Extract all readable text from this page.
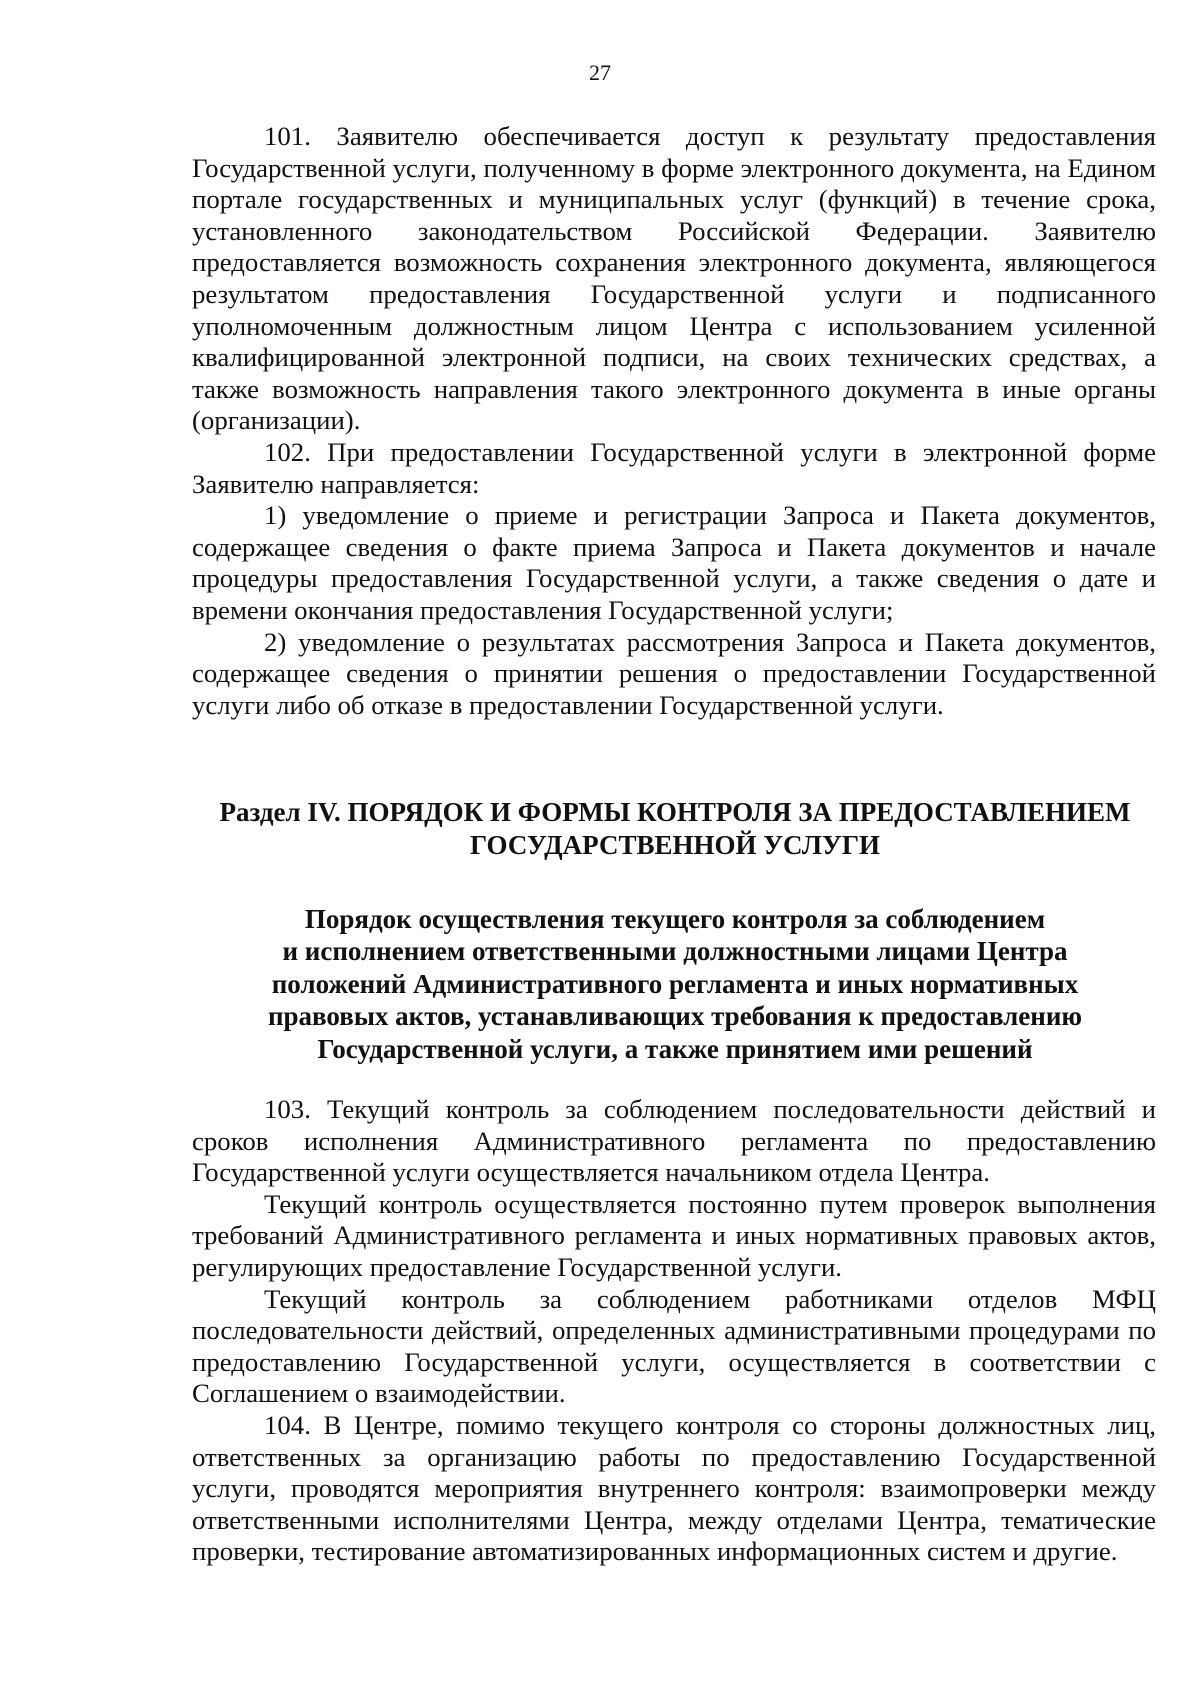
27

101. Заявителю обеспечивается доступ к результату предоставления Государственной услуги, полученному в форме электронного документа, на Едином портале государственных и муниципальных услуг (функций) в течение срока, установленного законодательством Российской Федерации. Заявителю предоставляется возможность сохранения электронного документа, являющегося результатом предоставления Государственной услуги и подписанного уполномоченным должностным лицом Центра с использованием усиленной квалифицированной электронной подписи, на своих технических средствах, а также возможность направления такого электронного документа в иные органы (организации).

102. При предоставлении Государственной услуги в электронной форме Заявителю направляется:

1) уведомление о приеме и регистрации Запроса и Пакета документов, содержащее сведения о факте приема Запроса и Пакета документов и начале процедуры предоставления Государственной услуги, а также сведения о дате и времени окончания предоставления Государственной услуги;

2) уведомление о результатах рассмотрения Запроса и Пакета документов, содержащее сведения о принятии решения о предоставлении Государственной услуги либо об отказе в предоставлении Государственной услуги.

Раздел IV. ПОРЯДОК И ФОРМЫ КОНТРОЛЯ ЗА ПРЕДОСТАВЛЕНИЕМ
ГОСУДАРСТВЕННОЙ УСЛУГИ
Порядок осуществления текущего контроля за соблюдением
и исполнением ответственными должностными лицами Центра
положений Административного регламента и иных нормативных
правовых актов, устанавливающих требования к предоставлению
Государственной услуги, а также принятием ими решений

103. Текущий контроль за соблюдением последовательности действий и сроков исполнения Административного регламента по предоставлению Государственной услуги осуществляется начальником отдела Центра.

Текущий контроль осуществляется постоянно путем проверок выполнения требований Административного регламента и иных нормативных правовых актов, регулирующих предоставление Государственной услуги.

Текущий контроль за соблюдением работниками отделов МФЦ последовательности действий, определенных административными процедурами по предоставлению Государственной услуги, осуществляется в соответствии с Соглашением о взаимодействии.

104. В Центре, помимо текущего контроля со стороны должностных лиц, ответственных за организацию работы по предоставлению Государственной услуги, проводятся мероприятия внутреннего контроля: взаимопроверки между ответственными исполнителями Центра, между отделами Центра, тематические проверки, тестирование автоматизированных информационных систем и другие.
